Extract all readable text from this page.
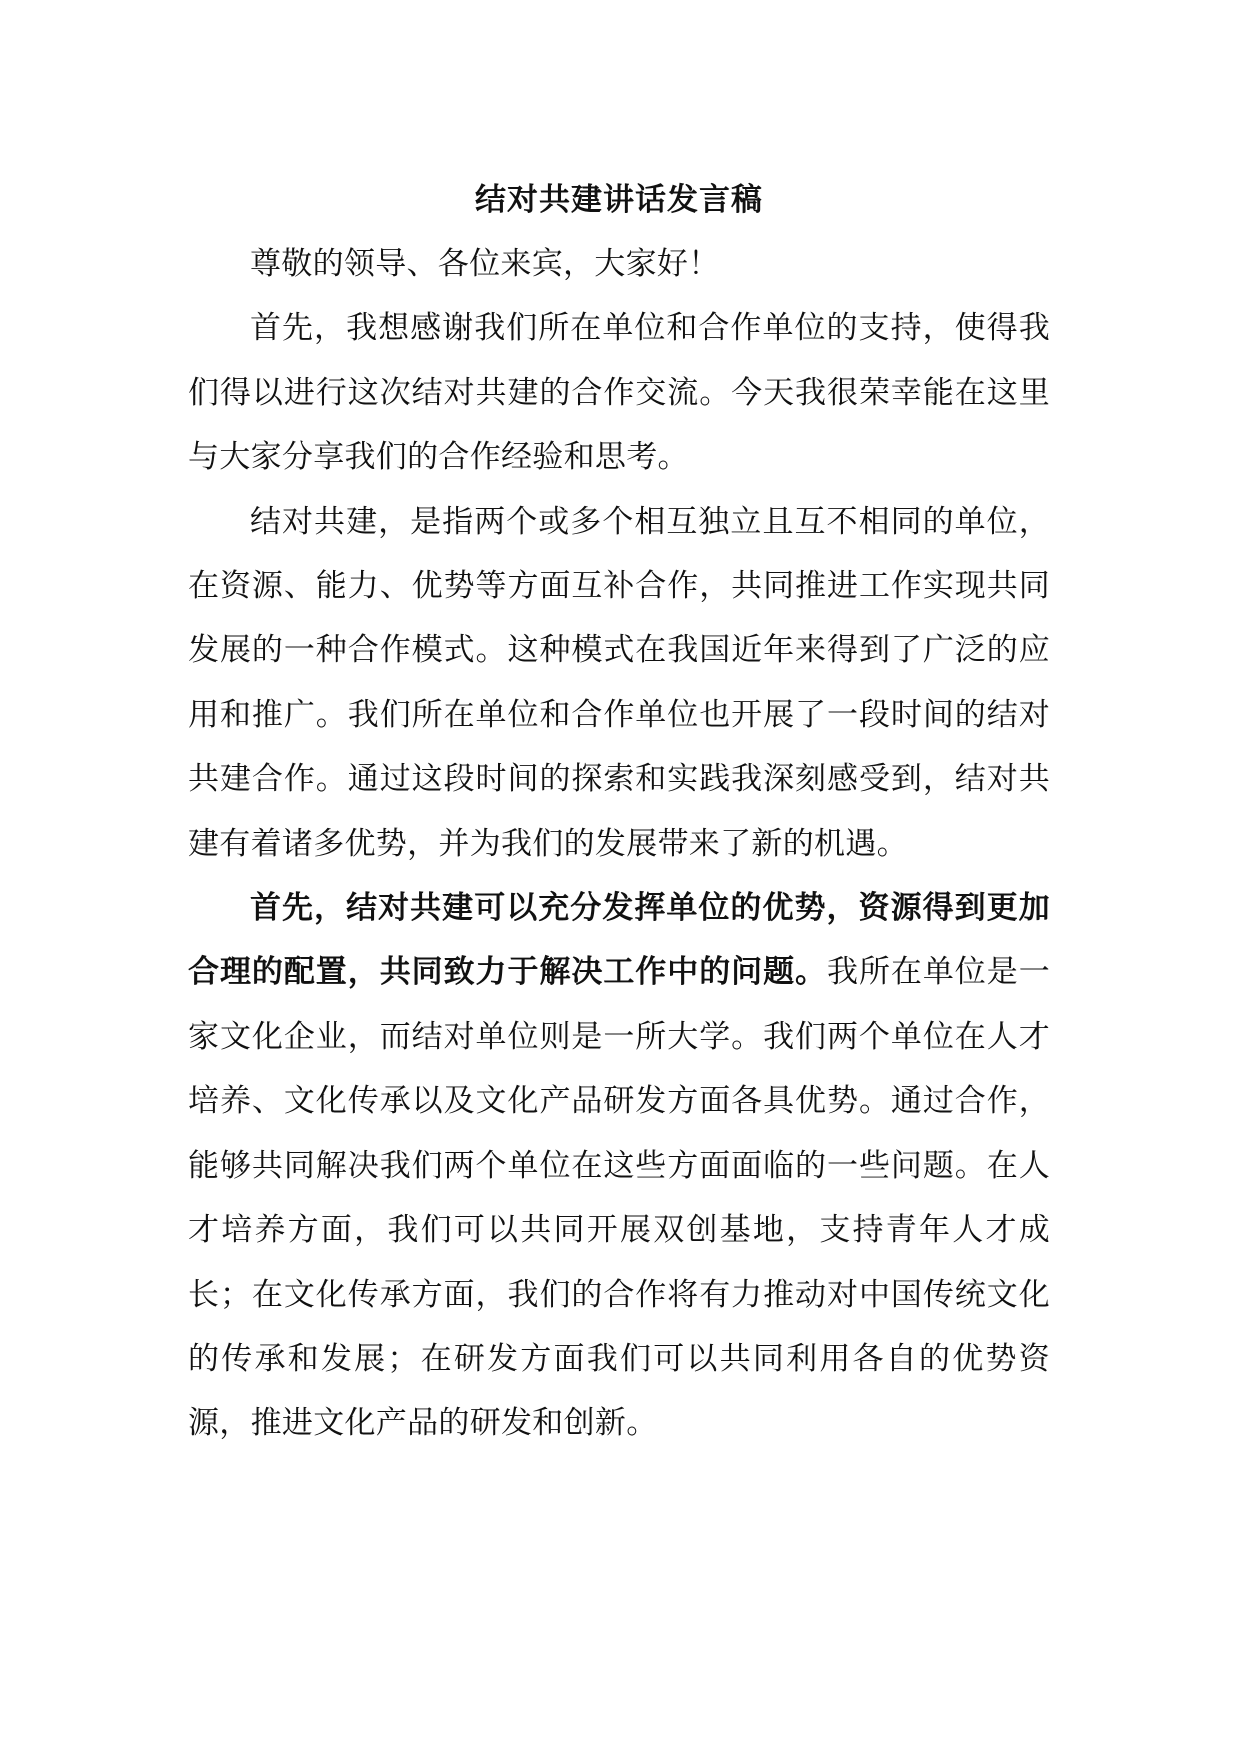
结对共建讲话发言稿

尊敬的领导、各位来宾，大家好！

首先，我想感谢我们所在单位和合作单位的支持，使得我们得以进行这次结对共建的合作交流。今天我很荣幸能在这里与大家分享我们的合作经验和思考。

结对共建，是指两个或多个相互独立且互不相同的单位，在资源、能力、优势等方面互补合作，共同推进工作实现共同发展的一种合作模式。这种模式在我国近年来得到了广泛的应用和推广。我们所在单位和合作单位也开展了一段时间的结对共建合作。通过这段时间的探索和实践我深刻感受到，结对共建有着诸多优势，并为我们的发展带来了新的机遇。

首先，结对共建可以充分发挥单位的优势，资源得到更加合理的配置，共同致力于解决工作中的问题。我所在单位是一家文化企业，而结对单位则是一所大学。我们两个单位在人才培养、文化传承以及文化产品研发方面各具优势。通过合作，能够共同解决我们两个单位在这些方面面临的一些问题。在人才培养方面，我们可以共同开展双创基地，支持青年人才成长；在文化传承方面，我们的合作将有力推动对中国传统文化的传承和发展；在研发方面我们可以共同利用各自的优势资源，推进文化产品的研发和创新。
